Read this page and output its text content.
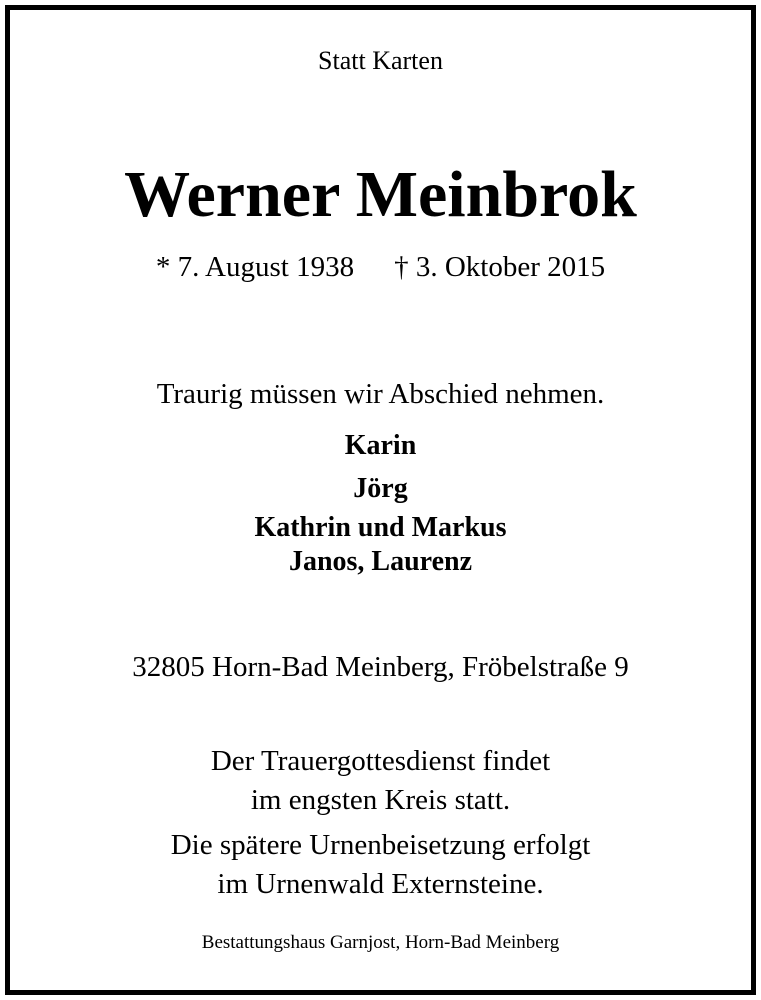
Statt Karten
Werner Meinbrok
* 7. August 1938 † 3. Oktober 2015
Traurig müssen wir Abschied nehmen.
Karin
Jörg
Kathrin und Markus
Janos, Laurenz
32805 Horn-Bad Meinberg, Fröbelstraße 9
Der Trauergottesdienst findet
im engsten Kreis statt.
Die spätere Urnenbeisetzung erfolgt
im Urnenwald Externsteine.
Bestattungshaus Garnjost, Horn-Bad Meinberg
